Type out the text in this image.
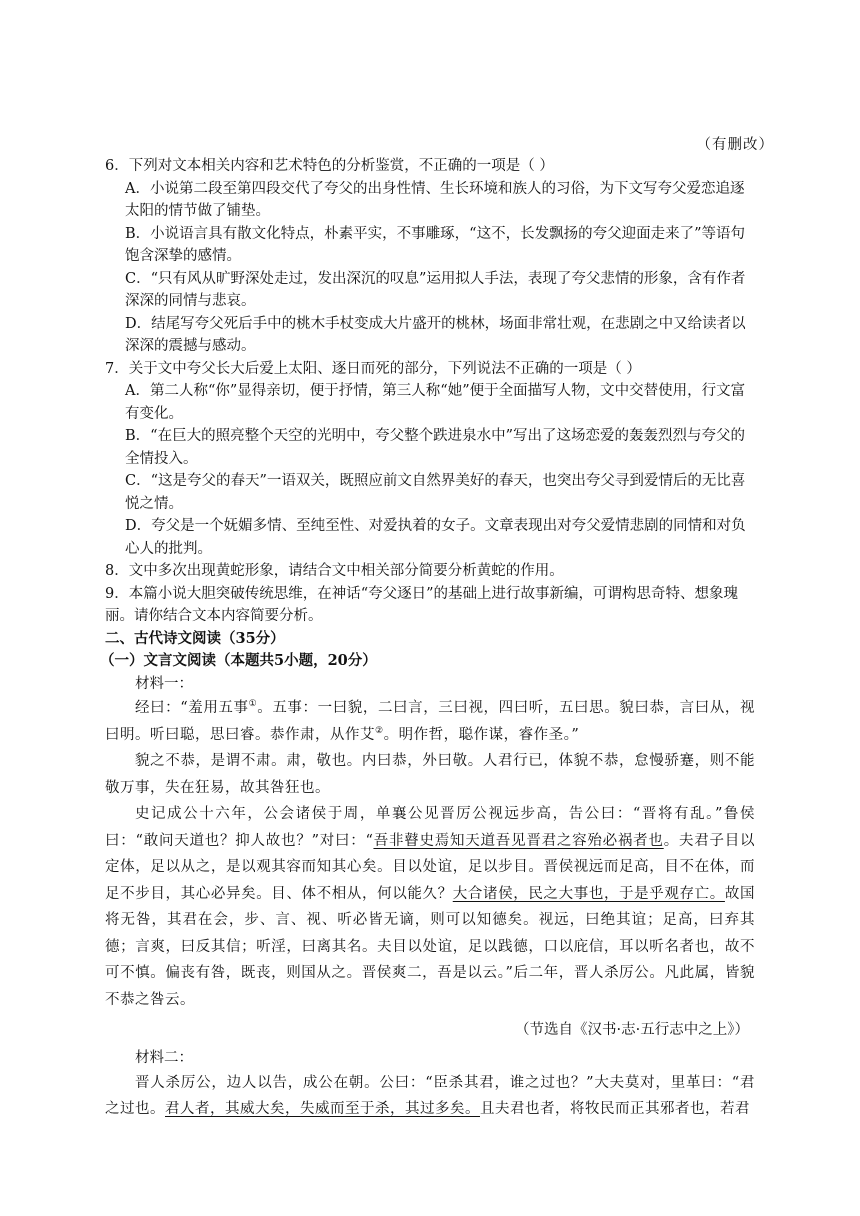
（有删改）

6．下列对文本相关内容和艺术特色的分析鉴赏，不正确的一项是（ ）

A．小说第二段至第四段交代了夸父的出身性情、生长环境和族人的习俗，为下文写夸父爱恋追逐太阳的情节做了铺垫。

B．小说语言具有散文化特点，朴素平实，不事雕琢，“这不，长发飘扬的夸父迎面走来了”等语句饱含深挚的感情。

C．“只有风从旷野深处走过，发出深沉的叹息”运用拟人手法，表现了夸父悲情的形象，含有作者深深的同情与悲哀。

D．结尾写夸父死后手中的桃木手杖变成大片盛开的桃林，场面非常壮观，在悲剧之中又给读者以深深的震撼与感动。

7．关于文中夸父长大后爱上太阳、逐日而死的部分，下列说法不正确的一项是（ ）

A．第二人称“你”显得亲切，便于抒情，第三人称“她”便于全面描写人物，文中交替使用，行文富有变化。

B．“在巨大的照亮整个天空的光明中，夸父整个跌进泉水中”写出了这场恋爱的轰轰烈烈与夸父的全情投入。

C．“这是夸父的春天”一语双关，既照应前文自然界美好的春天，也突出夸父寻到爱情后的无比喜悦之情。

D．夸父是一个妩媚多情、至纯至性、对爱执着的女子。文章表现出对夸父爱情悲剧的同情和对负心人的批判。

8．文中多次出现黄蛇形象，请结合文中相关部分简要分析黄蛇的作用。

9．本篇小说大胆突破传统思维，在神话“夸父逐日”的基础上进行故事新编，可谓构思奇特、想象瑰丽。请你结合文本内容简要分析。

二、古代诗文阅读（35分）

（一）文言文阅读（本题共5小题，20分）

材料一：

经曰：“羞用五事①。五事：一曰貌，二曰言，三曰视，四曰听，五曰思。貌曰恭，言曰从，视曰明。听曰聪，思曰睿。恭作肃，从作艾②。明作哲，聪作谋，睿作圣。”

貌之不恭，是谓不肃。肃，敬也。内曰恭，外曰敬。人君行已，体貌不恭，怠慢骄蹇，则不能敬万事，失在狂易，故其咎狂也。

史记成公十六年，公会诸侯于周，单襄公见晋厉公视远步高，告公曰：“晋将有乱。”鲁侯曰：“敢问天道也？抑人故也？”对曰：“吾非瞽史焉知天道吾见晋君之容殆必祸者也。夫君子目以定体，足以从之，是以观其容而知其心矣。目以处谊，足以步目。晋侯视远而足高，目不在体，而足不步目，其心必异矣。目、体不相从，何以能久？大合诸侯，民之大事也，于是乎观存亡。故国将无咎，其君在会，步、言、视、听必皆无谪，则可以知德矣。视远，曰绝其谊；足高，曰弃其德；言爽，曰反其信；听淫，曰离其名。夫目以处谊，足以践德，口以庇信，耳以听名者也，故不可不慎。偏丧有咎，既丧，则国从之。晋侯爽二，吾是以云。”后二年，晋人杀厉公。凡此属，皆貌不恭之咎云。

（节选自《汉书·志·五行志中之上》）

材料二：

晋人杀厉公，边人以告，成公在朝。公曰：“臣杀其君，谁之过也？”大夫莫对，里革曰：“君之过也。君人者，其威大矣，失威而至于杀，其过多矣。且夫君也者，将牧民而正其邪者也，若君
